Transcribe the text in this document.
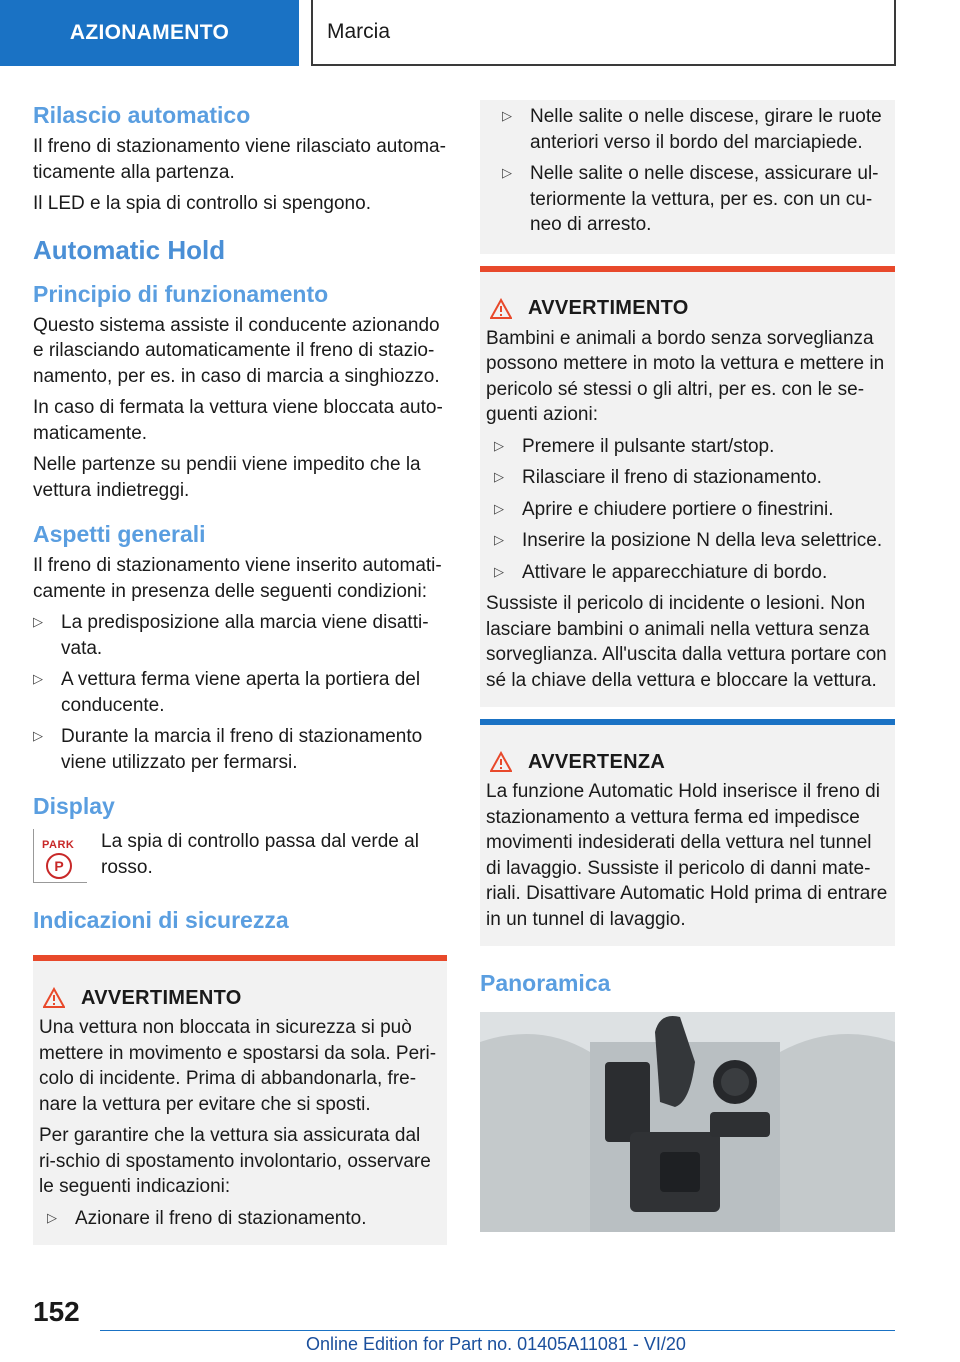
AZIONAMENTO	Marcia
Rilascio automatico
Il freno di stazionamento viene rilasciato automa-ticamente alla partenza.
Il LED e la spia di controllo si spengono.
Automatic Hold
Principio di funzionamento
Questo sistema assiste il conducente azionando e rilasciando automaticamente il freno di stazio-namento, per es. in caso di marcia a singhiozzo.
In caso di fermata la vettura viene bloccata auto-maticamente.
Nelle partenze su pendii viene impedito che la vettura indietreggi.
Aspetti generali
Il freno di stazionamento viene inserito automati-camente in presenza delle seguenti condizioni:
▷ La predisposizione alla marcia viene disatti-vata.
▷ A vettura ferma viene aperta la portiera del conducente.
▷ Durante la marcia il freno di stazionamento viene utilizzato per fermarsi.
Display
PARK
P
La spia di controllo passa dal verde al rosso.
Indicazioni di sicurezza
AVVERTIMENTO
Una vettura non bloccata in sicurezza si può mettere in movimento e spostarsi da sola. Peri-colo di incidente. Prima di abbandonarla, fre-nare la vettura per evitare che si sposti.
Per garantire che la vettura sia assicurata dal ri-schio di spostamento involontario, osservare le seguenti indicazioni:
▷ Azionare il freno di stazionamento.
▷ Nelle salite o nelle discese, girare le ruote anteriori verso il bordo del marciapiede.
▷ Nelle salite o nelle discese, assicurare ul-teriormente la vettura, per es. con un cu-neo di arresto.
AVVERTIMENTO
Bambini e animali a bordo senza sorveglianza possono mettere in moto la vettura e mettere in pericolo sé stessi o gli altri, per es. con le se-guenti azioni:
▷ Premere il pulsante start/stop.
▷ Rilasciare il freno di stazionamento.
▷ Aprire e chiudere portiere o finestrini.
▷ Inserire la posizione N della leva selettrice.
▷ Attivare le apparecchiature di bordo.
Sussiste il pericolo di incidente o lesioni. Non lasciare bambini o animali nella vettura senza sorveglianza. All'uscita dalla vettura portare con sé la chiave della vettura e bloccare la vettura.
AVVERTENZA
La funzione Automatic Hold inserisce il freno di stazionamento a vettura ferma ed impedisce movimenti indesiderati della vettura nel tunnel di lavaggio. Sussiste il pericolo di danni mate-riali. Disattivare Automatic Hold prima di entrare in un tunnel di lavaggio.
Panoramica
152
Online Edition for Part no. 01405A11081 - VI/20
